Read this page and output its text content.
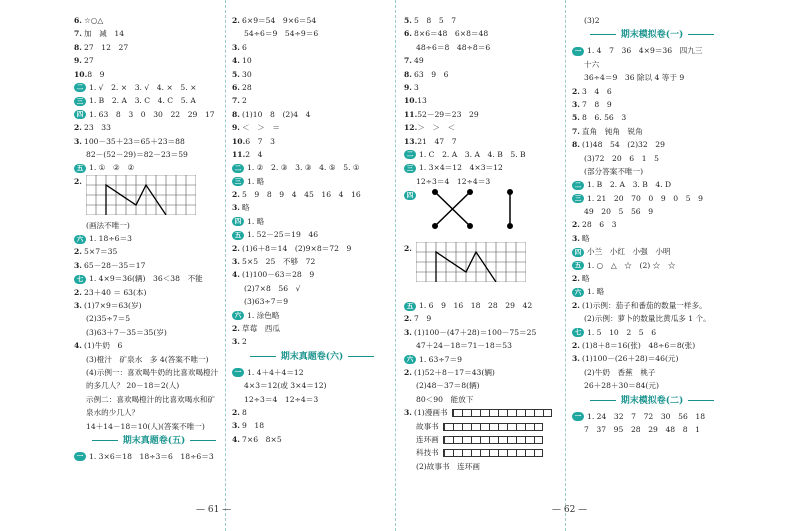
6. ☆○△
7. 加　减　14
8. 27　12　27
9. 27
10.8　9
二 1. √　2. ×　3. √　4. ×　5. ×
三 1. B　2. A　3. C　4. C　5. A
四 1. 63　8　3　0　30　22　29　17
2. 23　33
3. 100－35＋23＝65＋23＝88
82－(52－29)＝82－23＝59
五 1. ①　②　②
2.
(画法不唯一)
六 1. 18÷6＝3
2. 5×7＝35
3. 65－28－35＝17
七 1. 4×9＝36(辆)　36＜38　不能
2. 23＋40 ＝ 63(本)
3. (1)7×9＝63(岁)
(2)35÷7＝5
(3)63＋7－35＝35(岁)
4. (1)牛奶　6
(3)橙汁　矿泉水　多 4(答案不唯一)
(4)示例一：喜欢喝牛奶的比喜欢喝橙汁
的多几人？ 20－18＝2(人)
示例二：喜欢喝橙汁的比喜欢喝水和矿
泉水的少几人？
14＋14－18＝10(人)(答案不唯一)
期末真题卷(五)
一 1. 3×6＝18　18÷3＝6　18÷6＝3
2. 6×9＝54　9×6＝54
54÷6＝9　54÷9＝6
3. 6
4. 10
5. 30
6. 28
7. 2
8. (1)10　8　(2)4　4
9. ＜　＞　＝
10.6　7　3
11.2　4
二 1. ②　2. ③　3. ③　4. ⑤　5. ①
三 1. 略
2. 5　9　8　9　4　45　16　4　16
3. 略
四 1. 略
五 1. 52－25＝19　46
2. (1)6＋8＝14　(2)9×8＝72　9
3. 5×5　25　不够　72
4. (1)100－63＝28　9
(2)7×8　56　√
(3)63÷7＝9
六 1. 涂色略
2. 草莓　西瓜
3. 2
期末真题卷(六)
一 1. 4＋4＋4＝12
4×3＝12(或 3×4＝12)
12÷3＝4　12÷4＝3
2. 8
3. 9　18
4. 7×6　8×5
— 61 —
5. 5　8　5　7
6. 8×6＝48　6×8＝48
48÷6＝8　48÷8＝6
7. 49
8. 63　9　6
9. 3
10.13
11.52－29＝23　29
12.＞　＞　＜
13.21　47　7
二 1. C　2. A　3. A　4. B　5. B
三 1. 3×4＝12　4×3＝12
12÷3＝4　12÷4＝3
四
2.
五 1. 6　9　16　18　28　29　42
2. 7　9
3. (1)100－(47＋28)＝100－75＝25
47＋24－18＝71－18＝53
六 1. 63÷7＝9
2. (1)52＋8－17＝43(辆)
(2)48－37＝8(辆)
80＜90　能放下
3. (1)漫画书
故事书
连环画
科技书
(2)故事书　连环画
(3)2
期末模拟卷(一)
一 1. 4　7　36　4×9＝36　四九三
十六
36÷4＝9　36 除以 4 等于 9
2. 3　4　6
3. 7　8　9
5. 8　6. 56　3
7. 直角　钝角　锐角
8. (1)48　54　(2)32　29
(3)72　20　6　1　5
(部分答案不唯一)
二 1. B　2. A　3. B　4. D
三 1. 21　20　70　0　9　0　5　9
49　20　5　56　9
2. 28　6　3
3. 略
四 小兰　小红　小强　小明
五 1. ○　△　☆　(2) ☆　☆
2. 略
六 1. 略
2. (1)示例：茄子和番茄的数量一样多。
(2)示例：萝卜的数量比黄瓜多 1 个。
七 1. 5　10　2　5　6
2. (1)8＋8＝16(张)　48÷6＝8(张)
3. (1)100－(26＋28)＝46(元)
(2)牛奶　香蕉　桃子
26＋28＋30＝84(元)
期末模拟卷(二)
一 1. 24　32　7　72　30　56　18
7　37　95　28　29　48　8　1
— 62 —
